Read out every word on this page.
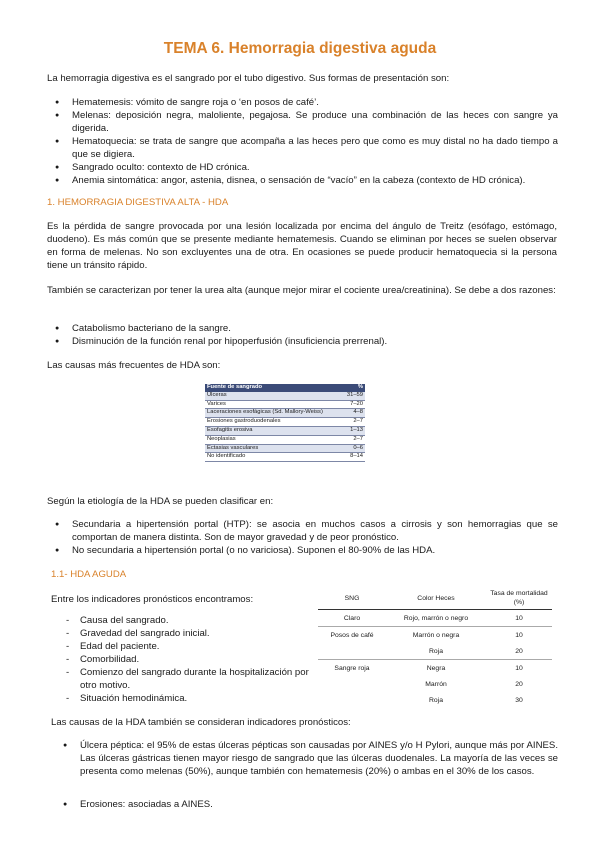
TEMA 6. Hemorragia digestiva aguda
La hemorragia digestiva es el sangrado por el tubo digestivo. Sus formas de presentación son:
● Hematemesis: vómito de sangre roja o ‘en posos de café’.
● Melenas: deposición negra, maloliente, pegajosa. Se produce una combinación de las heces con sangre ya digerida.
● Hematoquecia: se trata de sangre que acompaña a las heces pero que como es muy distal no ha dado tiempo a que se digiera.
● Sangrado oculto: contexto de HD crónica.
● Anemia sintomática: angor, astenia, disnea, o sensación de “vacío” en la cabeza (contexto de HD crónica).
1. HEMORRAGIA DIGESTIVA ALTA - HDA
Es la pérdida de sangre provocada por una lesión localizada por encima del ángulo de Treitz (esófago, estómago, duodeno). Es más común que se presente mediante hematemesis. Cuando se eliminan por heces se suelen observar en forma de melenas. No son excluyentes una de otra. En ocasiones se puede producir hematoquecia si la persona tiene un tránsito rápido.
También se caracterizan por tener la urea alta (aunque mejor mirar el cociente urea/creatinina). Se debe a dos razones:
● Catabolismo bacteriano de la sangre.
● Disminución de la función renal por hipoperfusión (insuficiencia prerrenal).
Las causas más frecuentes de HDA son:
Fuente de sangrado	%
Úlceras	31–59
Varices	7–20
Laceraciones esofágicas (Sd. Mallory-Weiss)	4–8
Erosiones gastroduodenales	2–7
Esofagitis erosiva	1–13
Neoplasias	2–7
Ectasias vasculares	0–6
No identificado	8–14
Según la etiología de la HDA se pueden clasificar en:
● Secundaria a hipertensión portal (HTP): se asocia en muchos casos a cirrosis y son hemorragias que se comportan de manera distinta. Son de mayor gravedad y de peor pronóstico.
● No secundaria a hipertensión portal (o no variciosa). Suponen el 80-90% de las HDA.
1.1- HDA AGUDA
Entre los indicadores pronósticos encontramos:
- Causa del sangrado.
- Gravedad del sangrado inicial.
- Edad del paciente.
- Comorbilidad.
- Comienzo del sangrado durante la hospitalización por otro motivo.
- Situación hemodinámica.
SNG	Color Heces	Tasa de mortalidad (%)
Claro	Rojo, marrón o negro	10
Posos de café	Marrón o negra	10
	Roja	20
Sangre roja	Negra	10
	Marrón	20
	Roja	30
Las causas de la HDA también se consideran indicadores pronósticos:
● Úlcera péptica: el 95% de estas úlceras pépticas son causadas por AINES y/o H Pylori, aunque más por AINES. Las úlceras gástricas tienen mayor riesgo de sangrado que las úlceras duodenales. La mayoría de las veces se presenta como melenas (50%), aunque también con hematemesis (20%) o ambas en el 30% de los casos.
● Erosiones: asociadas a AINES.
